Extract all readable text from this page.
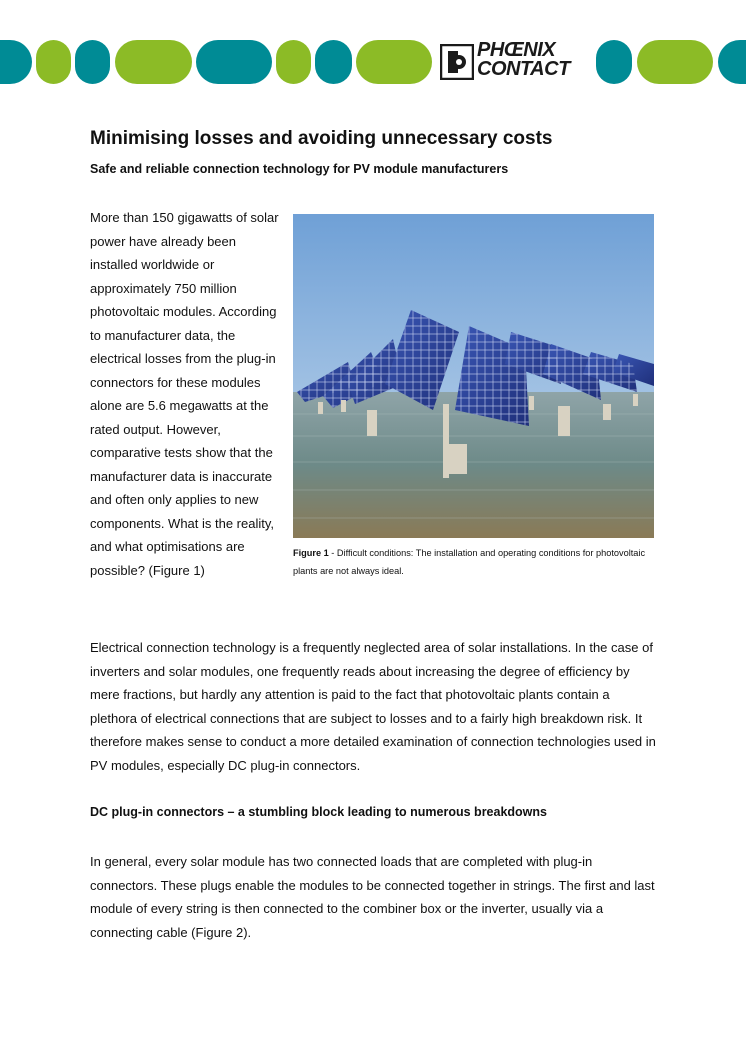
PHŒNIX
CONTACT
Minimising losses and avoiding unnecessary costs
Safe and reliable connection technology for PV module manufacturers

More than 150 gigawatts of solar power have already been installed worldwide or approximately 750 million photovoltaic modules. According to manufacturer data, the electrical losses from the plug-in connectors for these modules alone are 5.6 megawatts at the rated output. However, comparative tests show that the manufacturer data is inaccurate and often only applies to new components. What is the reality, and what optimisations are possible? (Figure 1)

Figure 1 - Difficult conditions: The installation and operating conditions for photovoltaic plants are not always ideal.

Electrical connection technology is a frequently neglected area of solar installations. In the case of inverters and solar modules, one frequently reads about increasing the degree of efficiency by mere fractions, but hardly any attention is paid to the fact that photovoltaic plants contain a plethora of electrical connections that are subject to losses and to a fairly high breakdown risk. It therefore makes sense to conduct a more detailed examination of connection technologies used in PV modules, especially DC plug-in connectors.

DC plug-in connectors – a stumbling block leading to numerous breakdowns

In general, every solar module has two connected loads that are completed with plug-in connectors. These plugs enable the modules to be connected together in strings. The first and last module of every string is then connected to the combiner box or the inverter, usually via a connecting cable (Figure 2).
